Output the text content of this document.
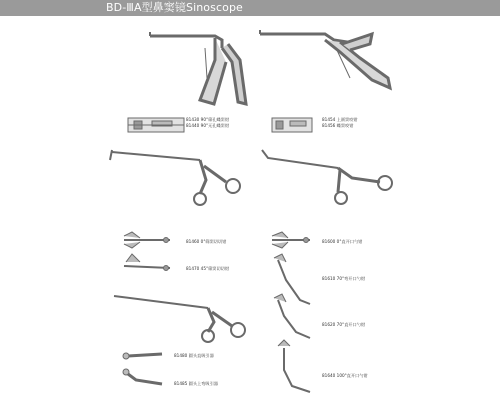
BD-ⅢA型鼻窦镜Sinoscope
81430 90°筛孔蝶窦钳
81440 90°无孔蝶窦钳
81454 上颌窦咬钳
81456 蝶窦咬钳
81460 0°筛窦切切钳
81470 45°筛窦切切钳
81600 0°直开口勺钳
81610 70°弯开口勺钳
81620 70°直开口勺钳
81640 100°直开口勺钳
81480 圆头直吸引器
81485 圆头上弯吸引器
